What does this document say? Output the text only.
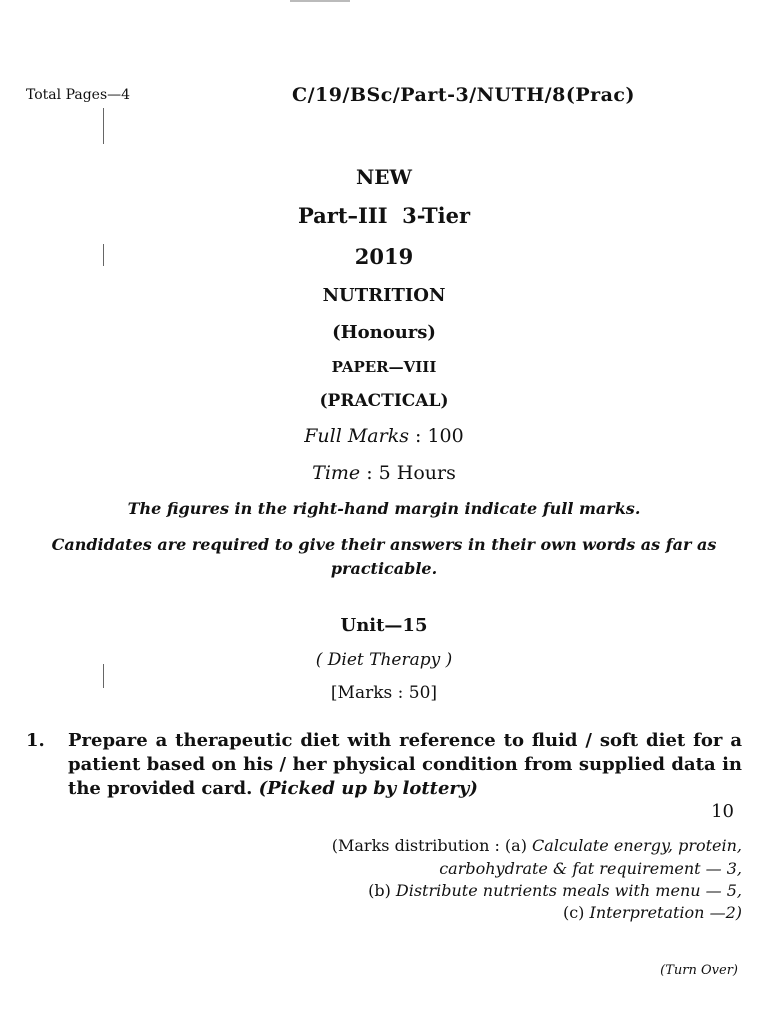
Total Pages—4	C/19/BSc/Part-3/NUTH/8(Prac)
NEW
Part–III  3-Tier
2019
NUTRITION
(Honours)
PAPER—VIII
(PRACTICAL)
Full Marks : 100
Time : 5 Hours
The figures in the right-hand margin indicate full marks.
Candidates are required to give their answers in their own words as far as practicable.
Unit—15
( Diet Therapy )
[Marks : 50]
1. Prepare a therapeutic diet with reference to fluid / soft diet for a patient based on his / her physical condition from supplied data in the provided card. (Picked up by lottery)
10
(Marks distribution : (a) Calculate energy, protein,
carbohydrate & fat requirement — 3,
(b) Distribute nutrients meals with menu — 5,
(c) Interpretation —2)
(Turn Over)
